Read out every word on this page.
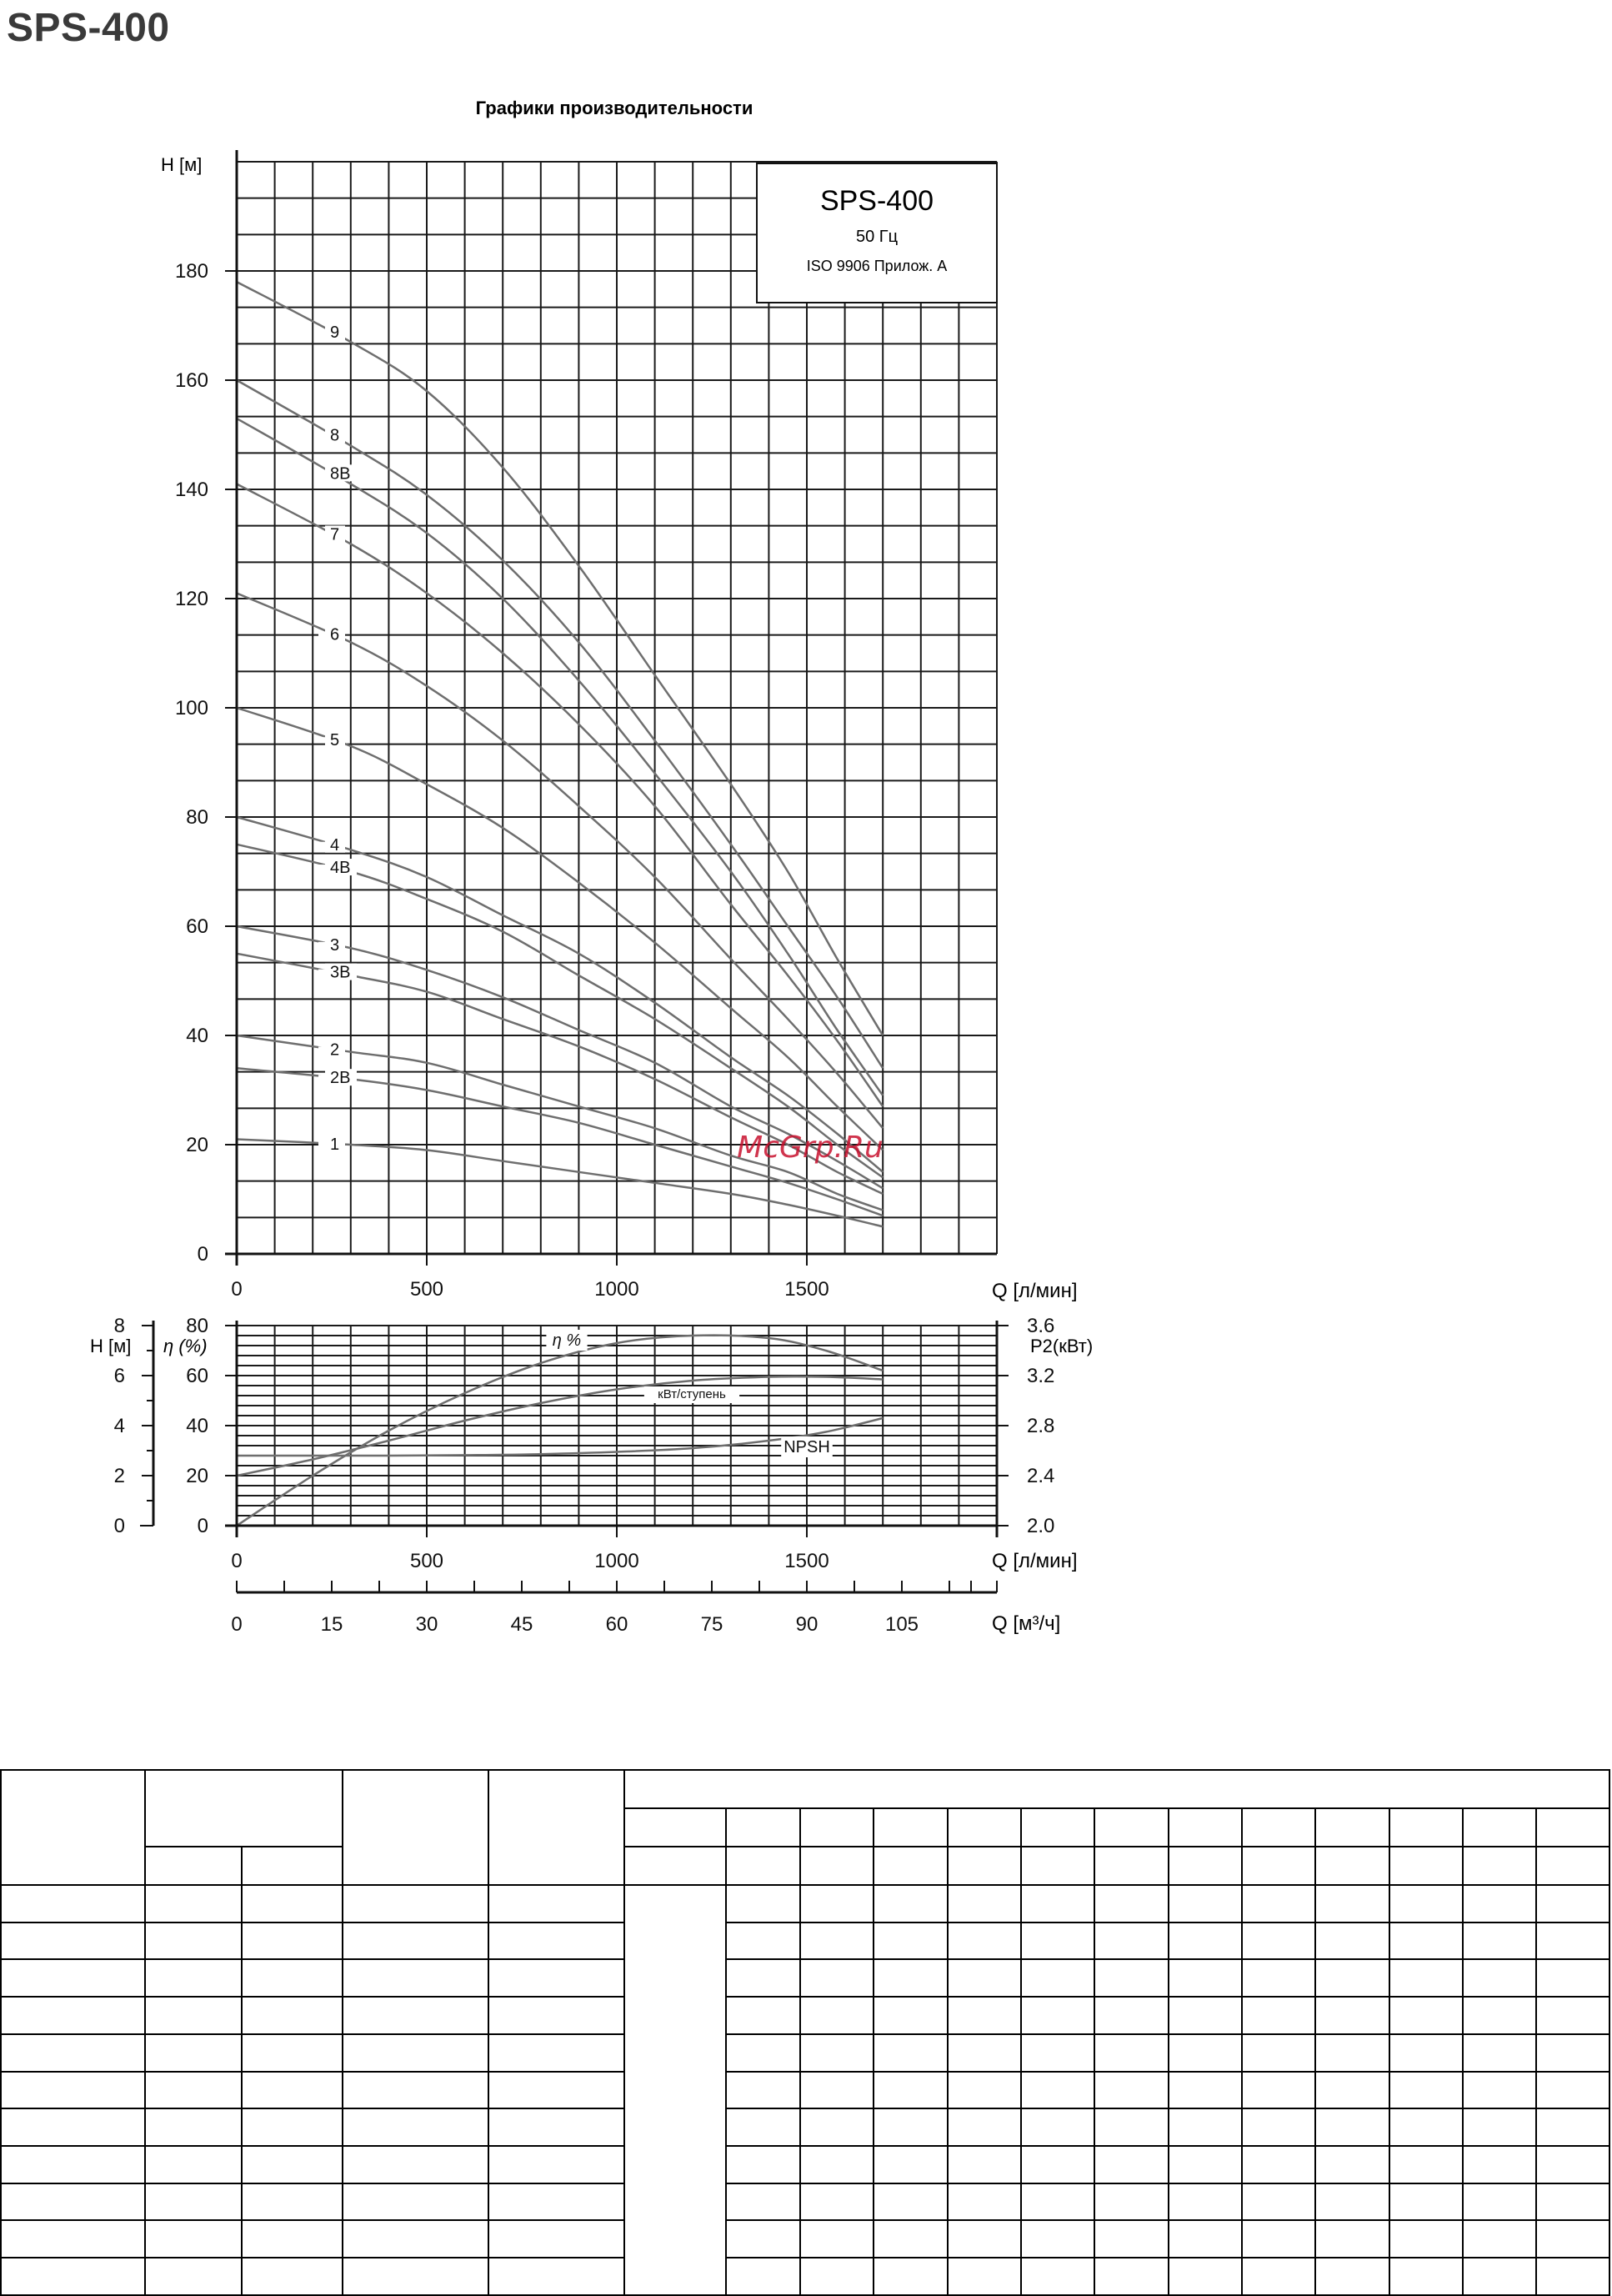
SPS-400
Графики производительности
9
8
8B
7
6
5
4
4B
3
3B
2
2B
1
0
20
40
60
80
100
120
140
160
180
0	500	1000	1500
H [м]
Q [л/мин]
SPS-400
50 Гц
ISO 9906 Прилож. A
McGrp.Ru
η %
кВт/ступень
NPSH
0
20
40
60
80
0
2
4
6
8
2.0
2.4
2.8
3.2
3.6
0	500	1000	1500
H [м] η (%)	P2(кВт)
Q [л/мин]
0	15	30	45	60	75	90	105	Q [м³/ч]
